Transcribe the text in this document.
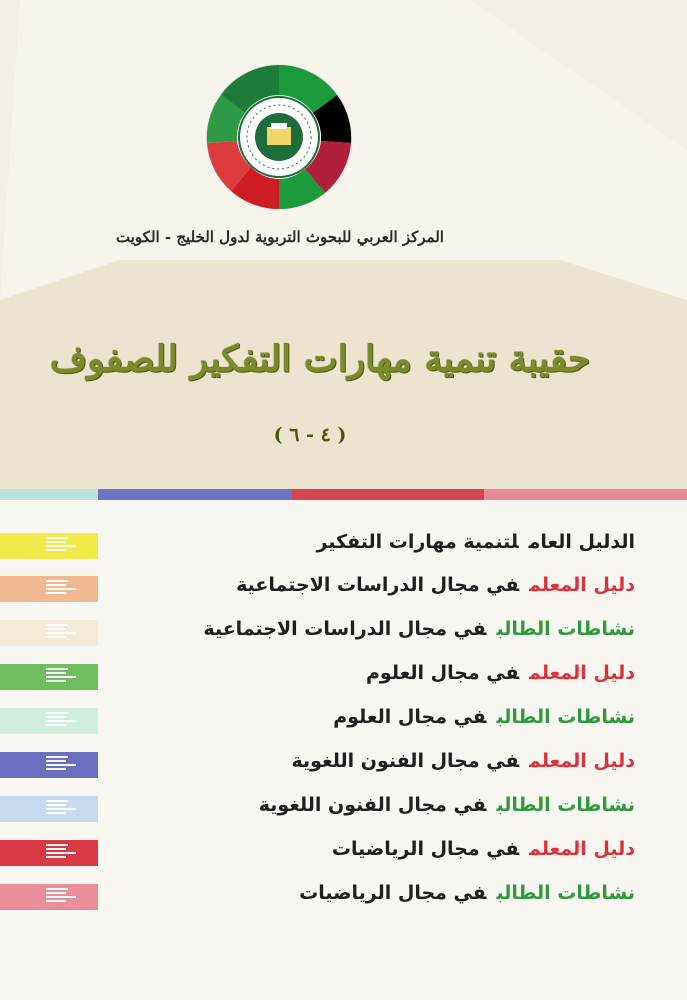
المركز العربي للبحوث التربوية لدول الخليج - الكويت
حقيبة تنمية مهارات التفكير للصفوف
( ٤ - ٦ )
الدليل العاملتنمية مهارات التفكير
دليل المعلمفي مجال الدراسات الاجتماعية
نشاطات الطالبفي مجال الدراسات الاجتماعية
دليل المعلمفي مجال العلوم
نشاطات الطالبفي مجال العلوم
دليل المعلمفي مجال الفنون اللغوية
نشاطات الطالبفي مجال الفنون اللغوية
دليل المعلمفي مجال الرياضيات
نشاطات الطالبفي مجال الرياضيات
